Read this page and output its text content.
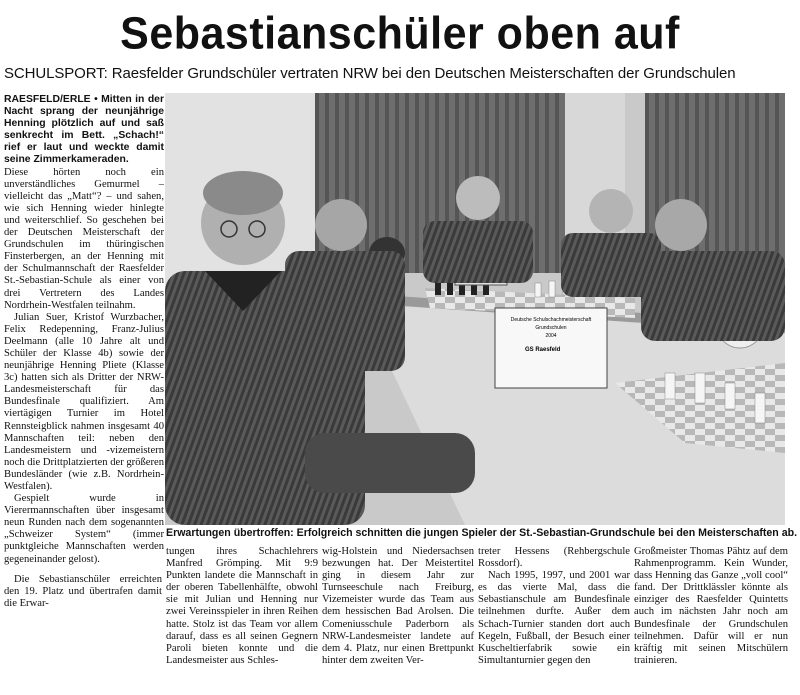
Sebastianschüler oben auf
SCHULSPORT: Raesfelder Grundschüler vertraten NRW bei den Deutschen Meisterschaften der Grundschulen

RAESFELD/ERLE • Mitten in der Nacht sprang der neunjährige Henning plötzlich auf und saß senkrecht im Bett. „Schach!“ rief er laut und weckte damit seine Zimmerkameraden.

Diese hörten noch ein unverständliches Gemurmel – vielleicht das „Matt“? – und sahen, wie sich Henning wieder hinlegte und weiterschlief. So geschehen bei der Deutschen Meisterschaft der Grundschulen im thüringischen Finsterbergen, an der Henning mit der Schulmannschaft der Raesfelder St.-Sebastian-Schule als einer von drei Vertretern des Landes Nordrhein-Westfalen teilnahm.

Julian Suer, Kristof Wurzbacher, Felix Redepenning, Franz-Julius Deelmann (alle 10 Jahre alt und Schüler der Klasse 4b) sowie der neunjährige Henning Pliete (Klasse 3c) hatten sich als Dritter der NRW-Landesmeisterschaft für das Bundesfinale qualifiziert. Am viertägigen Turnier im Hotel Rennsteigblick nahmen insgesamt 40 Mannschaften teil: neben den Landesmeistern und -vizemeistern noch die Drittplatzierten der größeren Bundesländer (wie z.B. Nordrhein-Westfalen).

Gespielt wurde in Vierermannschaften über insgesamt neun Runden nach dem sogenannten „Schweizer System“ (immer punktgleiche Mannschaften werden gegeneinander gelost).

Deutsche Schulschachmeisterschaft
Grundschulen
2004
GS Raesfeld
Erwartungen übertroffen: Erfolgreich schnitten die jungen Spieler der St.-Sebastian-Grundschule bei den Meisterschaften ab.

Die Sebastianschüler erreichten den 19. Platz und übertrafen damit die Erwar-

tungen ihres Schachlehrers Manfred Grömping. Mit 9:9 Punkten landete die Mannschaft in der oberen Tabellenhälfte, obwohl sie mit Julian und Henning nur zwei Vereinsspieler in ihren Reihen hatte. Stolz ist das Team vor allem darauf, dass es all seinen Gegnern Paroli bieten konnte und die Landesmeister aus Schles-

wig-Holstein und Niedersachsen bezwungen hat. Der Meistertitel ging in diesem Jahr zur Turnseeschule nach Freiburg, Vizemeister wurde das Team aus dem hessischen Bad Arolsen. Die Comeniusschule Paderborn als NRW-Landesmeister landete auf dem 4. Platz, nur einen Brettpunkt hinter dem zweiten Ver-

treter Hessens (Rehbergschule Rossdorf).

Nach 1995, 1997, und 2001 war es das vierte Mal, dass die Sebastianschule am Bundesfinale teilnehmen durfte. Außer dem Schach-Turnier standen dort auch Kegeln, Fußball, der Besuch einer Kuscheltierfabrik sowie ein Simultanturnier gegen den

Großmeister Thomas Pähtz auf dem Rahmenprogramm. Kein Wunder, dass Henning das Ganze „voll cool“ fand. Der Drittklässler könnte als einziger des Raesfelder Quintetts auch im nächsten Jahr noch am Bundesfinale der Grundschulen teilnehmen. Dafür will er nun kräftig mit seinen Mitschülern trainieren.
